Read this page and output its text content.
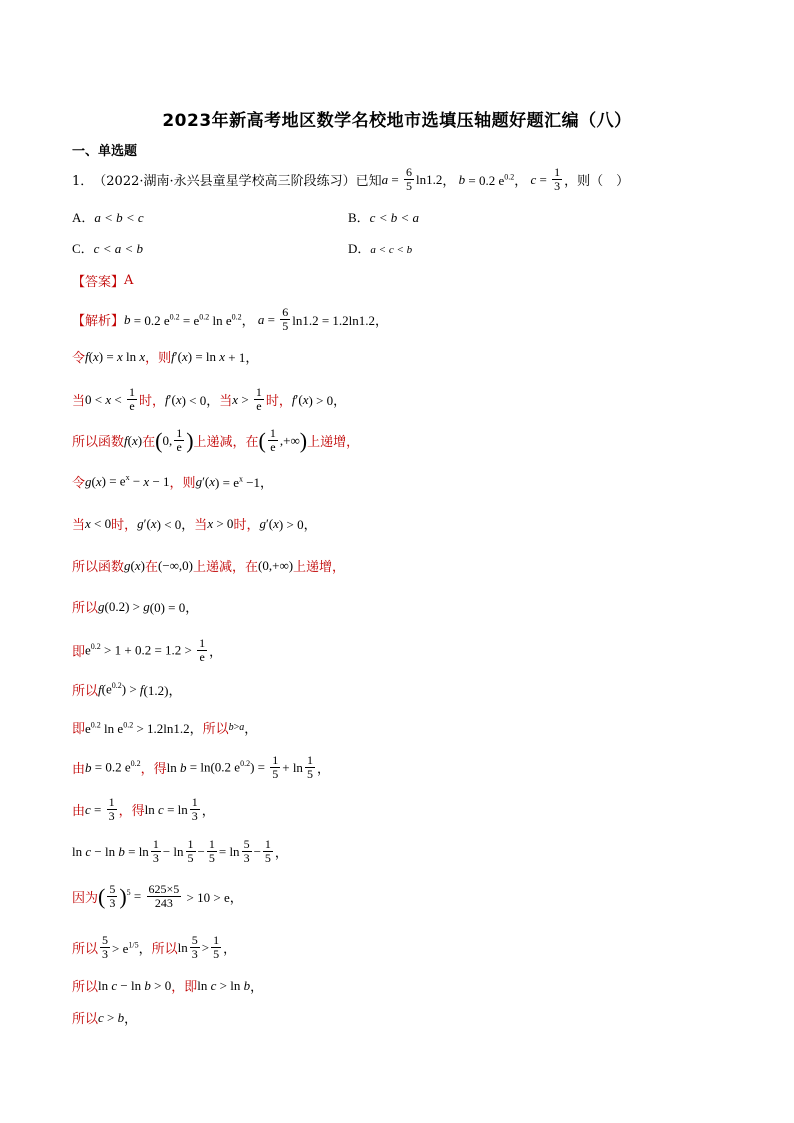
2023年新高考地区数学名校地市选填压轴题好题汇编（八）
一、单选题
1． （2022·湖南·永兴县童星学校高三阶段练习） 已知 $a = \frac{6}{5} \ln 1.2$ ， b = 0.2 $e^{0.2}$， $c = \frac{1}{3}$ ，则（　）
A．a < b < c	B．c < b < a
C．c < a < b	D．a < c < b
【答案】 A
【解析】 b = 0.2 $e^{0.2} = e^{0.2}$ $\ln e^{0.2}$， $a = \frac{6}{5} \ln 1.2 = 1.2\ln 1.2$，
令 f ( x ) = x ln x ，则 f ′( x ) = ln x + 1，
当 $0 < x < \frac{1}{e}$ 时， f ′( x ) < 0， 当 $x > \frac{1}{e}$ 时， f ′( x ) > 0，
所以函数 f ( x ) 在 ( 0, $\frac{1}{e}$ ) 上递减，在 ( $\frac{1}{e}$ ,+∞ ) 上递增，
令 g ( x ) = $e^x - x - 1$ ，则 g ′( x ) = $e^x -1$，
当 x < 0 时， g ′( x ) < 0， 当 x > 0 时， g ′( x ) > 0，
所以函数 g ( x ) 在 (−∞,0) 上递减，在 (0,+∞) 上递增，
所以 g (0.2) > g (0) = 0，
即 $e^{0.2} > 1 + 0.2 = 1.2 > \frac{1}{e}$ ，
所以 f $(e^{0.2}) > f$ (1.2)，
即 $e^{0.2}$ $\ln e^{0.2} > 1.2\ln 1.2$， 所以 b > a ，
由 b = 0.2 $e^{0.2}$ ，得 ln b = ln(0.2 $e^{0.2}) = \frac{1}{5} + \ln \frac{1}{5}$ ，
由 $c = \frac{1}{3}$ ，得 $\ln c = \ln \frac{1}{3}$ ，
$\ln c - \ln b = \ln \frac{1}{3} - \ln \frac{1}{5} - \frac{1}{5} = \ln \frac{5}{3} - \frac{1}{5}$ ，
因为 ( $\frac{5}{3}$ ) $^5 = \frac{625\times 5}{243} > 10 > e$，
所以 $\frac{5}{3} > e^{1/5}$， 所以 $\ln \frac{5}{3} > \frac{1}{5}$ ，
所以 ln c − ln b > 0 ，即 ln c > ln b ，
所以 c > b ，
